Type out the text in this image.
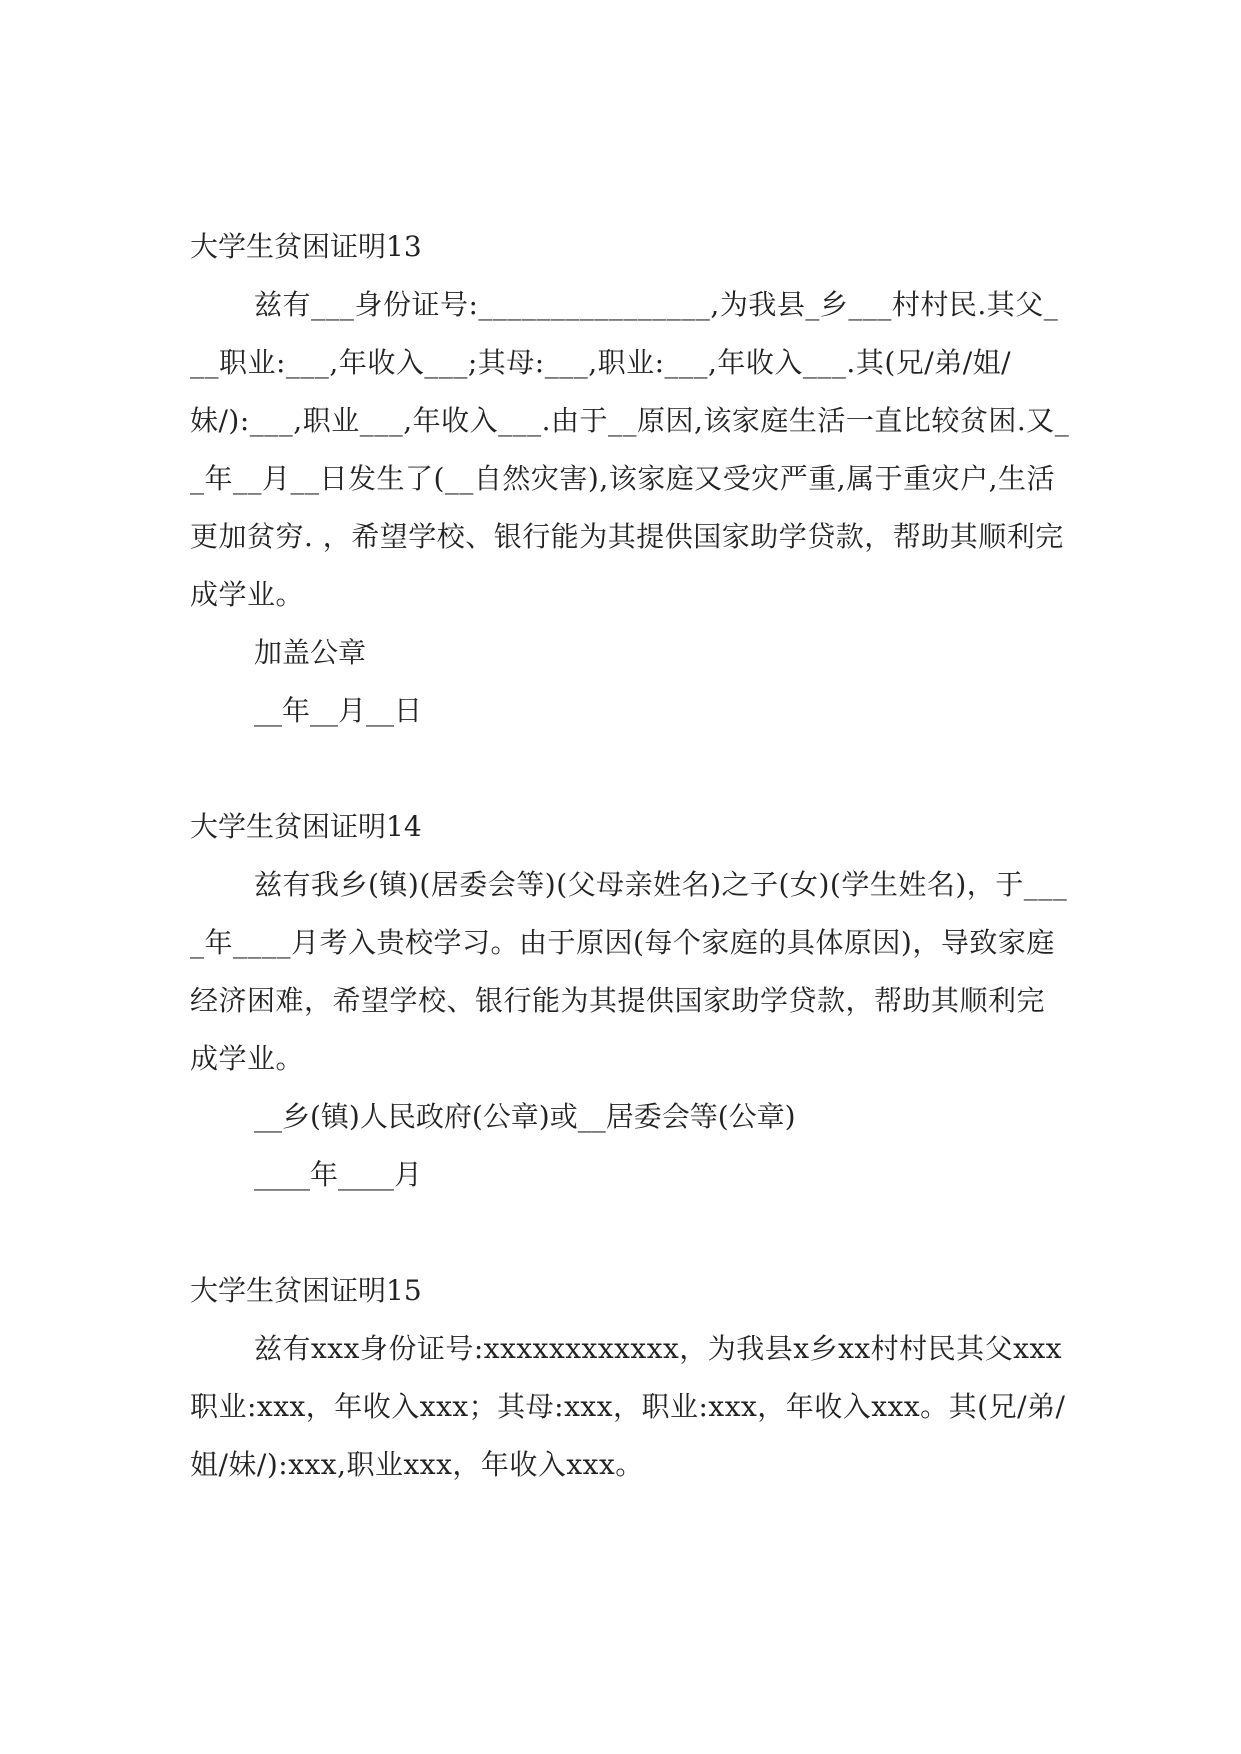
大学生贫困证明13

兹有___身份证号:________________,为我县_乡___村村民.其父___职业:___,年收入___;其母:___,职业:___,年收入___.其(兄/弟/姐/妹/):___,职业___,年收入___.由于__原因,该家庭生活一直比较贫困.又__年__月__日发生了(__自然灾害),该家庭又受灾严重,属于重灾户,生活更加贫穷. ，希望学校、银行能为其提供国家助学贷款，帮助其顺利完成学业。

加盖公章

__年__月__日

大学生贫困证明14

兹有我乡(镇)(居委会等)(父母亲姓名)之子(女)(学生姓名)，于____年____月考入贵校学习。由于原因(每个家庭的具体原因)，导致家庭经济困难，希望学校、银行能为其提供国家助学贷款，帮助其顺利完成学业。

__乡(镇)人民政府(公章)或__居委会等(公章)

____年____月

大学生贫困证明15

兹有xxx身份证号:xxxxxxxxxxxx，为我县x乡xx村村民其父xxx职业:xxx，年收入xxx；其母:xxx，职业:xxx，年收入xxx。其(兄/弟/姐/妹/):xxx,职业xxx，年收入xxx。
